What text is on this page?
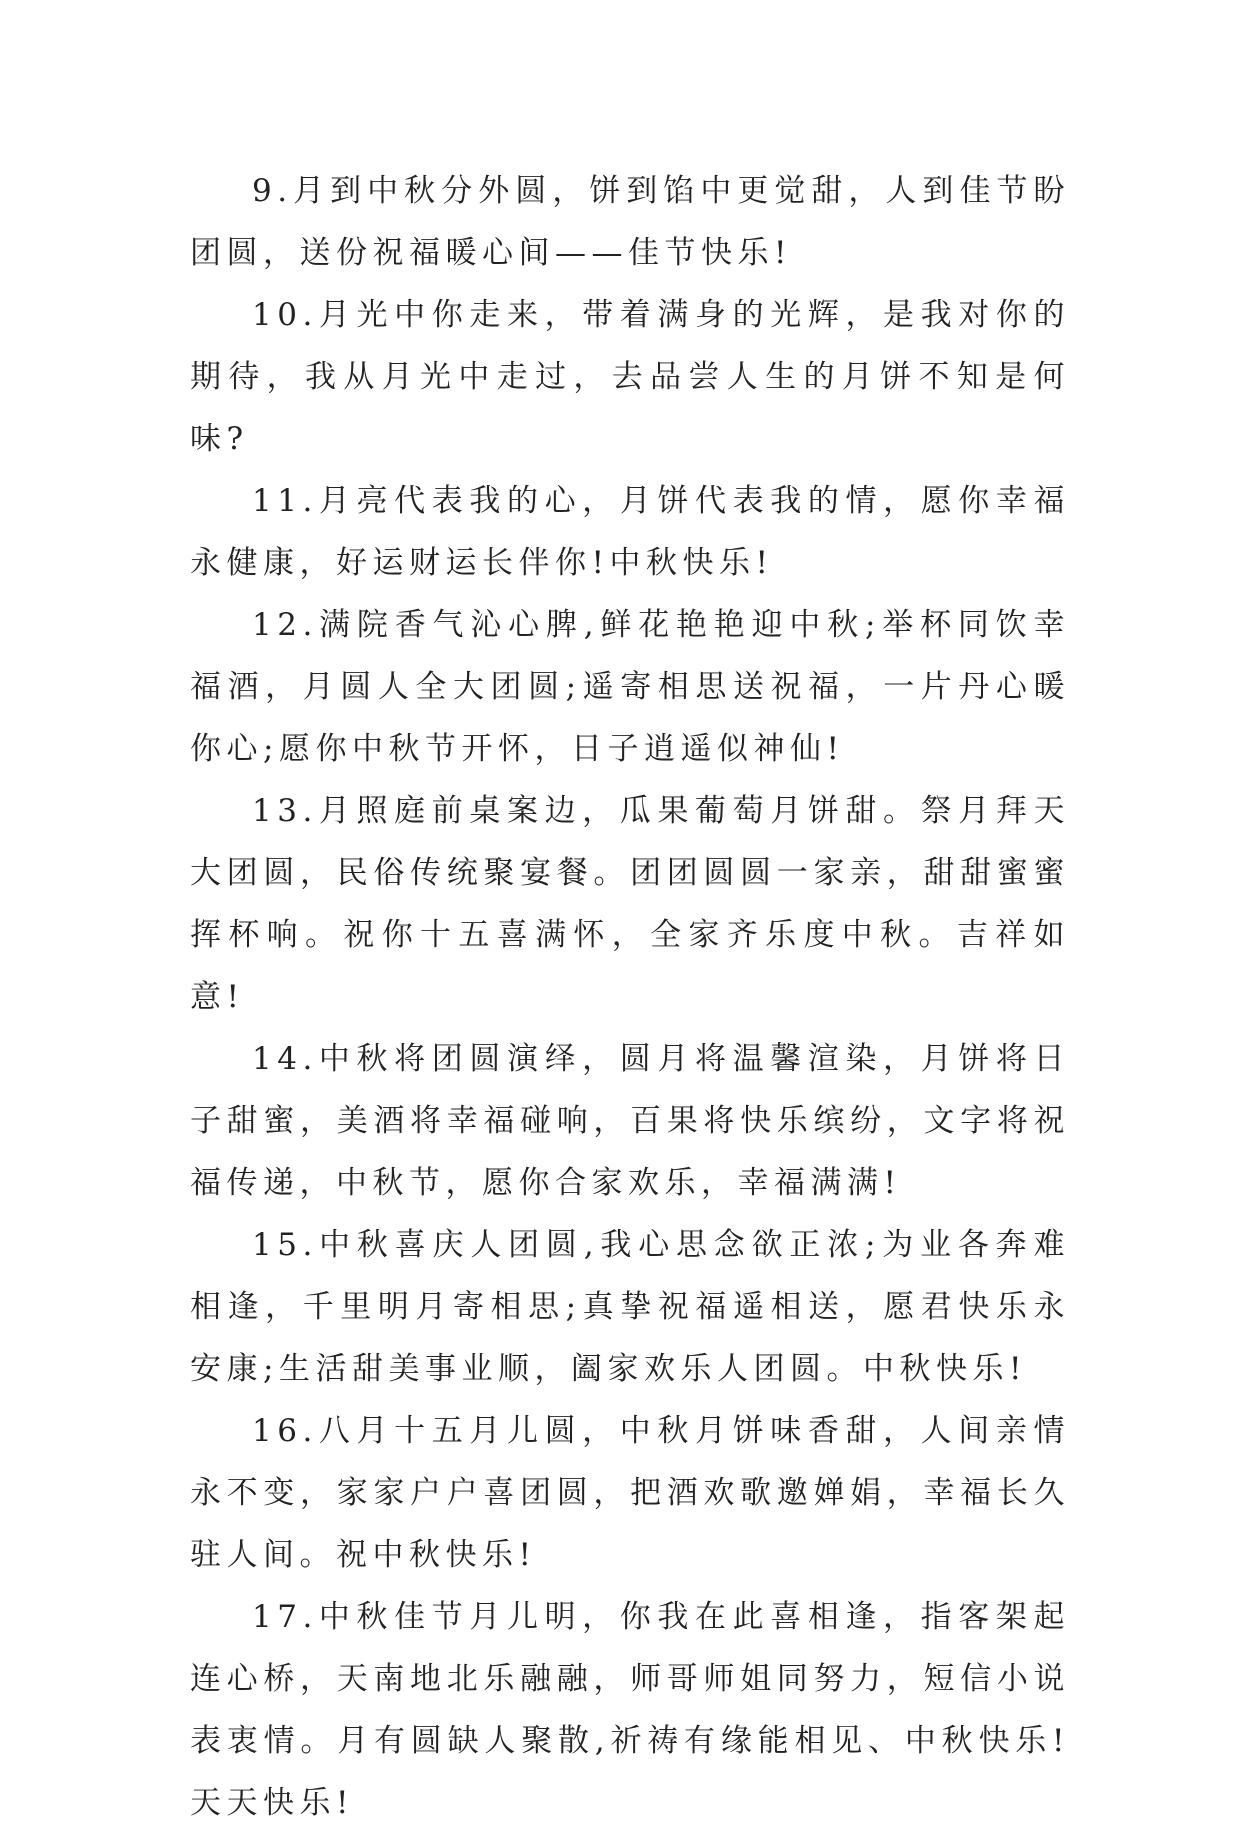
9.月到中秋分外圆，饼到馅中更觉甜，人到佳节盼团圆，送份祝福暖心间——佳节快乐!

10.月光中你走来，带着满身的光辉，是我对你的期待，我从月光中走过，去品尝人生的月饼不知是何味?

11.月亮代表我的心，月饼代表我的情，愿你幸福永健康，好运财运长伴你!中秋快乐!

12.满院香气沁心脾,鲜花艳艳迎中秋;举杯同饮幸福酒，月圆人全大团圆;遥寄相思送祝福，一片丹心暖你心;愿你中秋节开怀，日子逍遥似神仙!

13.月照庭前桌案边，瓜果葡萄月饼甜。祭月拜天大团圆，民俗传统聚宴餐。团团圆圆一家亲，甜甜蜜蜜挥杯响。祝你十五喜满怀，全家齐乐度中秋。吉祥如意!

14.中秋将团圆演绎，圆月将温馨渲染，月饼将日子甜蜜，美酒将幸福碰响，百果将快乐缤纷，文字将祝福传递，中秋节，愿你合家欢乐，幸福满满!

15.中秋喜庆人团圆,我心思念欲正浓;为业各奔难相逢，千里明月寄相思;真挚祝福遥相送，愿君快乐永安康;生活甜美事业顺，阖家欢乐人团圆。中秋快乐!

16.八月十五月儿圆，中秋月饼味香甜，人间亲情永不变，家家户户喜团圆，把酒欢歌邀婵娟，幸福长久驻人间。祝中秋快乐!

17.中秋佳节月儿明，你我在此喜相逢，指客架起连心桥，天南地北乐融融，师哥师姐同努力，短信小说表衷情。月有圆缺人聚散,祈祷有缘能相见、中秋快乐!天天快乐!
